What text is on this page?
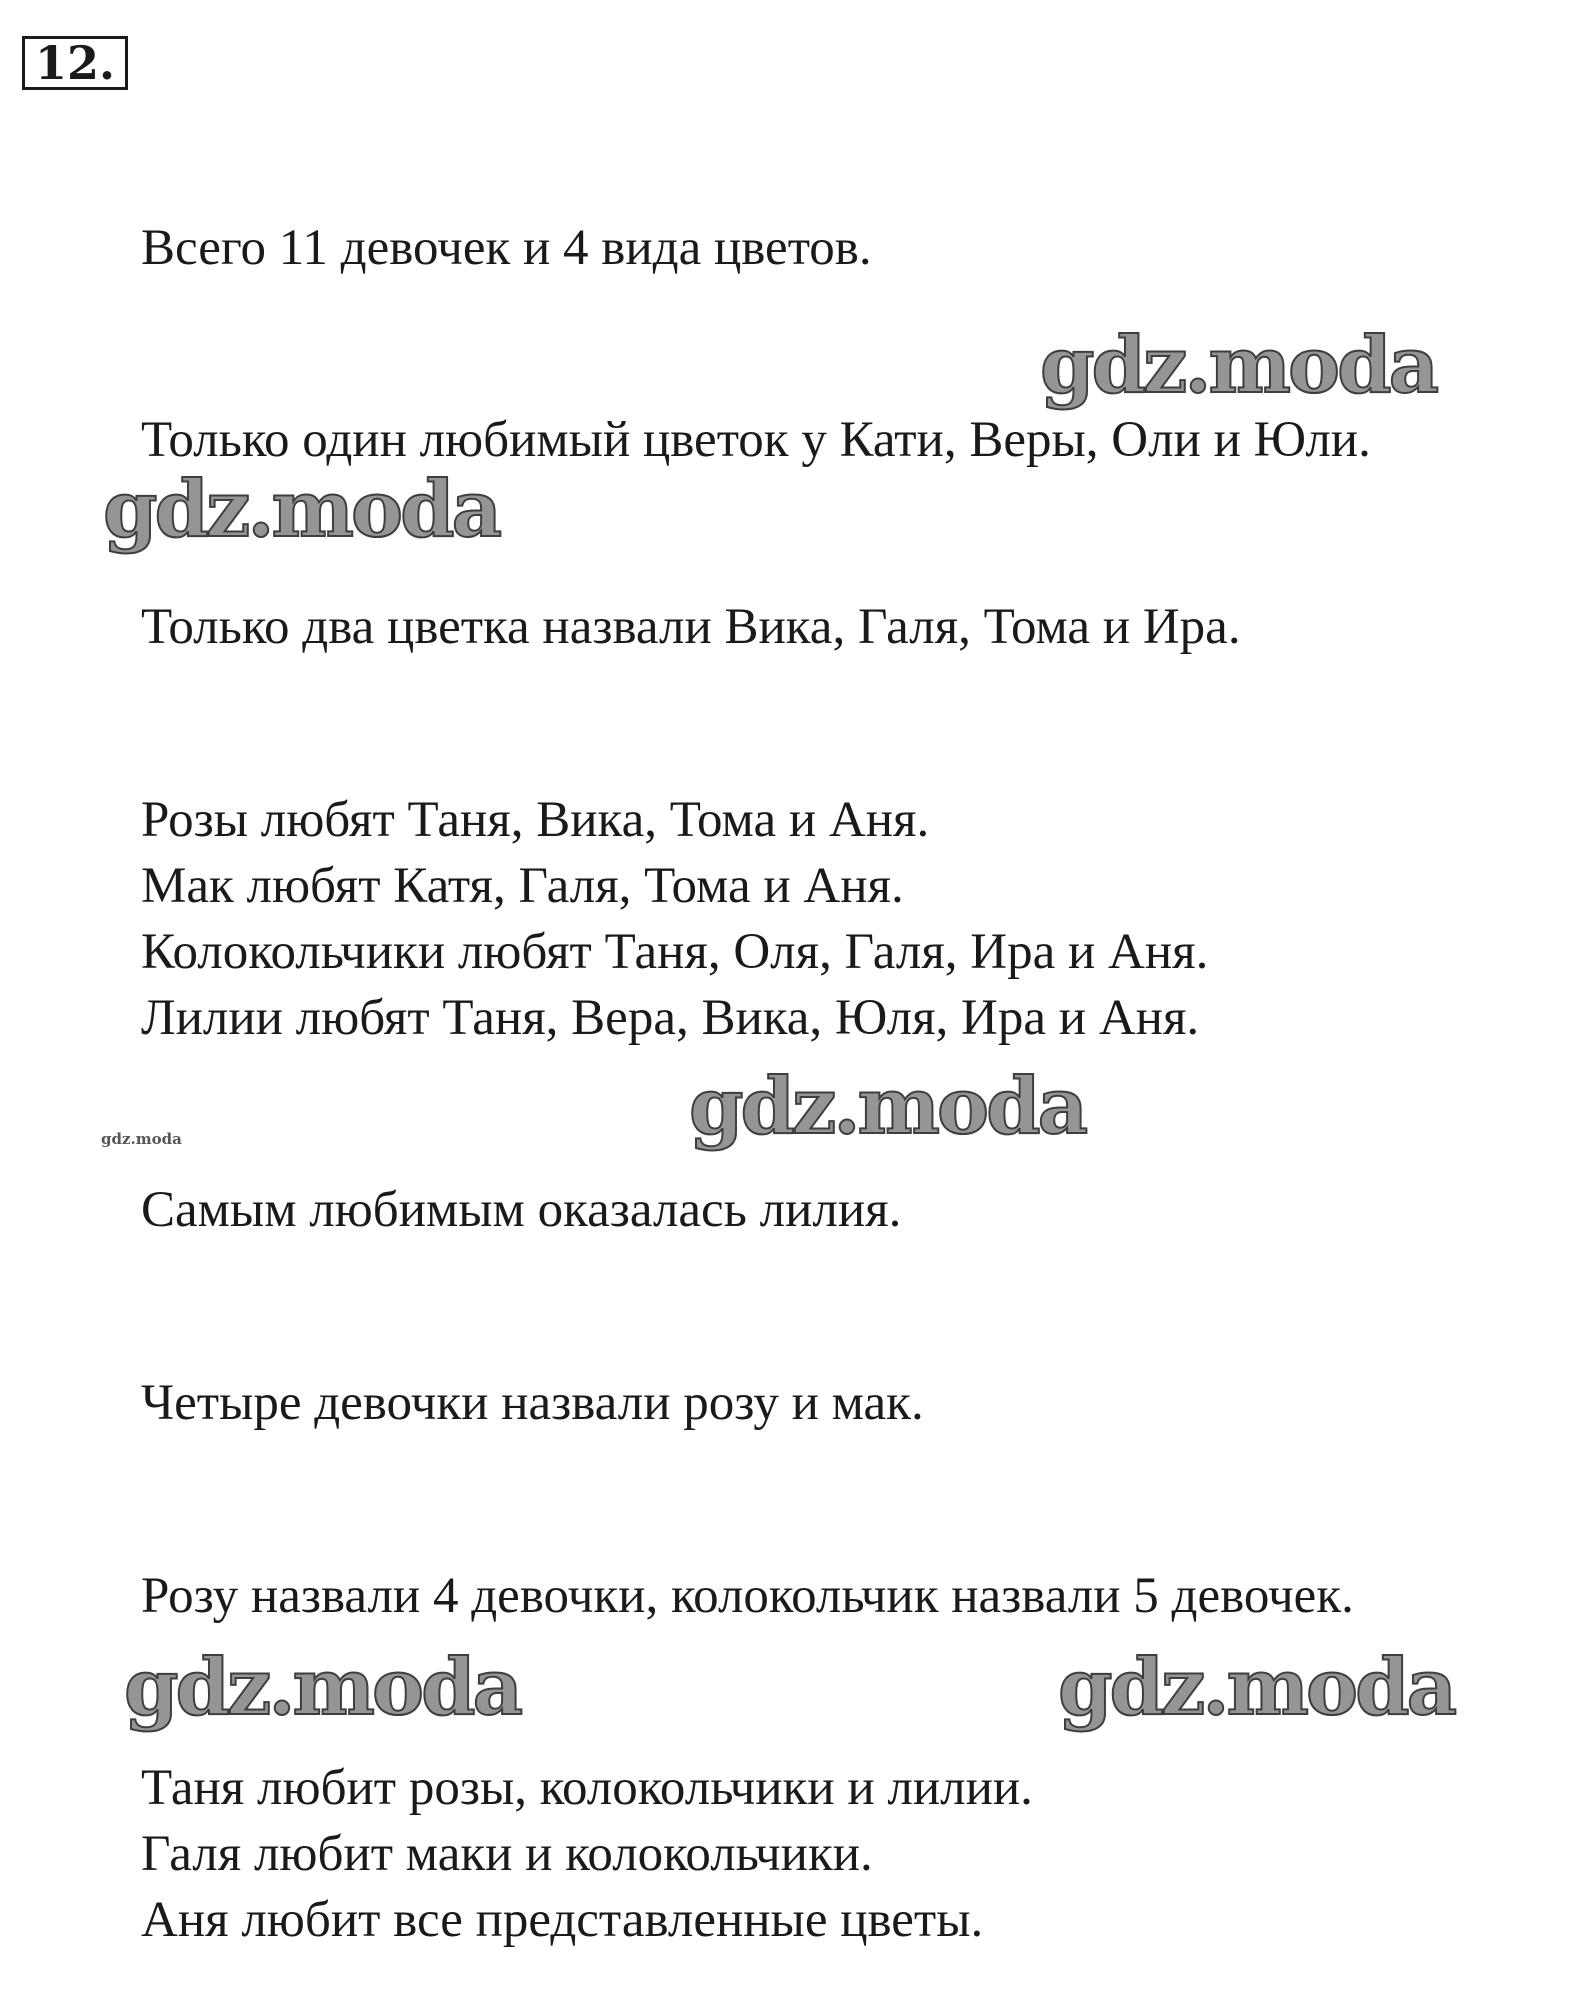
12.
Всего 11 девочек и 4 вида цветов.
gdz.moda
Только один любимый цветок у Кати, Веры, Оли и Юли.
gdz.moda
Только два цветка назвали Вика, Галя, Тома и Ира.
Розы любят Таня, Вика, Тома и Аня.
Мак любят Катя, Галя, Тома и Аня.
Колокольчики любят Таня, Оля, Галя, Ира и Аня.
Лилии любят Таня, Вера, Вика, Юля, Ира и Аня.
gdz.moda
gdz.moda
Самым любимым оказалась лилия.
Четыре девочки назвали розу и мак.
Розу назвали 4 девочки, колокольчик назвали 5 девочек.
gdz.moda	gdz.moda
Таня любит розы, колокольчики и лилии.
Галя любит маки и колокольчики.
Аня любит все представленные цветы.
